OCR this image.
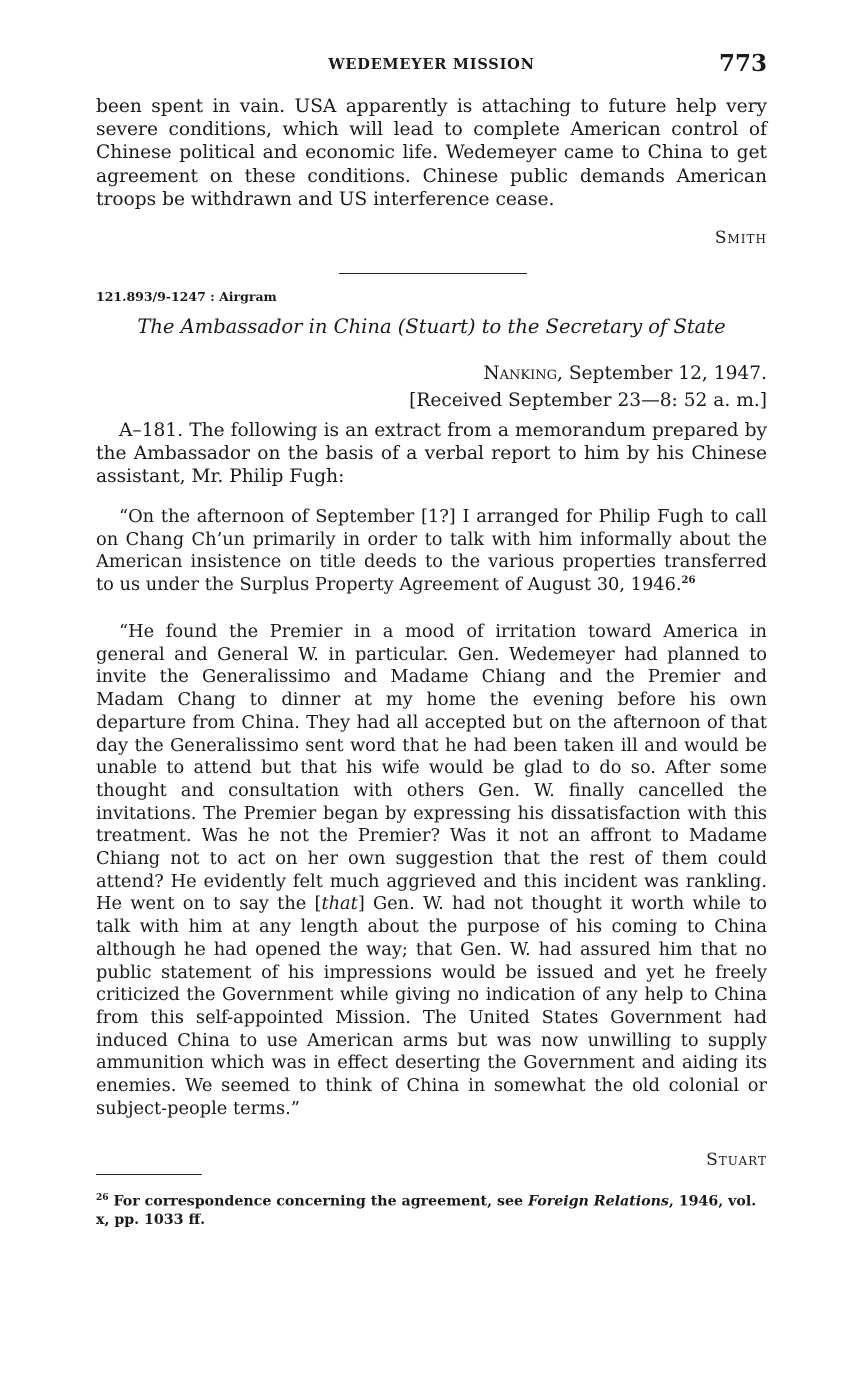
WEDEMEYER MISSION	773

been spent in vain. USA apparently is attaching to future help very severe conditions, which will lead to complete American control of Chinese political and economic life. Wedemeyer came to China to get agreement on these conditions. Chinese public demands American troops be withdrawn and US interference cease.

Smith
121.893/9-1247 : Airgram
The Ambassador in China (Stuart) to the Secretary of State
Nanking, September 12, 1947.
[Received September 23—8: 52 a. m.]

A–181. The following is an extract from a memorandum prepared by the Ambassador on the basis of a verbal report to him by his Chinese assistant, Mr. Philip Fugh:

“On the afternoon of September [1?] I arranged for Philip Fugh to call on Chang Ch’un primarily in order to talk with him informally about the American insistence on title deeds to the various properties transferred to us under the Surplus Property Agreement of August 30, 1946.26

“He found the Premier in a mood of irritation toward America in general and General W. in particular. Gen. Wedemeyer had planned to invite the Generalissimo and Madame Chiang and the Premier and Madam Chang to dinner at my home the evening before his own departure from China. They had all accepted but on the afternoon of that day the Generalissimo sent word that he had been taken ill and would be unable to attend but that his wife would be glad to do so. After some thought and consultation with others Gen. W. finally cancelled the invitations. The Premier began by expressing his dissatisfaction with this treatment. Was he not the Premier? Was it not an affront to Madame Chiang not to act on her own suggestion that the rest of them could attend? He evidently felt much aggrieved and this incident was rankling. He went on to say the [that] Gen. W. had not thought it worth while to talk with him at any length about the purpose of his coming to China although he had opened the way; that Gen. W. had assured him that no public statement of his impressions would be issued and yet he freely criticized the Government while giving no indication of any help to China from this self-appointed Mission. The United States Government had induced China to use American arms but was now unwilling to supply ammunition which was in effect deserting the Government and aiding its enemies. We seemed to think of China in somewhat the old colonial or subject-people terms.”

Stuart

$^{26}$ For correspondence concerning the agreement, see Foreign Relations, 1946, vol. x, pp. 1033 ff.
